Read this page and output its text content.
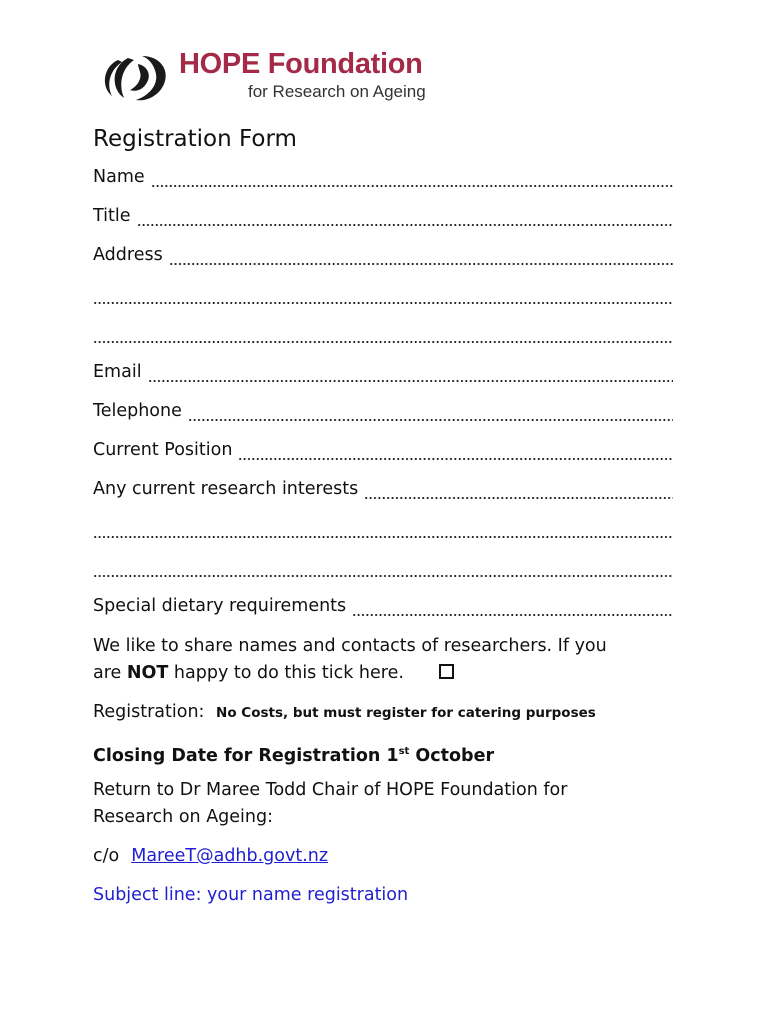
HOPE Foundation
for Research on Ageing
Registration Form
Name
Title
Address
Email
Telephone
Current Position
Any current research interests
Special dietary requirements

We like to share names and contacts of researchers. If you
are NOT happy to do this tick here.

Registration: No Costs, but must register for catering purposes

Closing Date for Registration 1st October

Return to Dr Maree Todd Chair of HOPE Foundation for
Research on Ageing:

c/o MareeT@adhb.govt.nz

Subject line: your name registration
